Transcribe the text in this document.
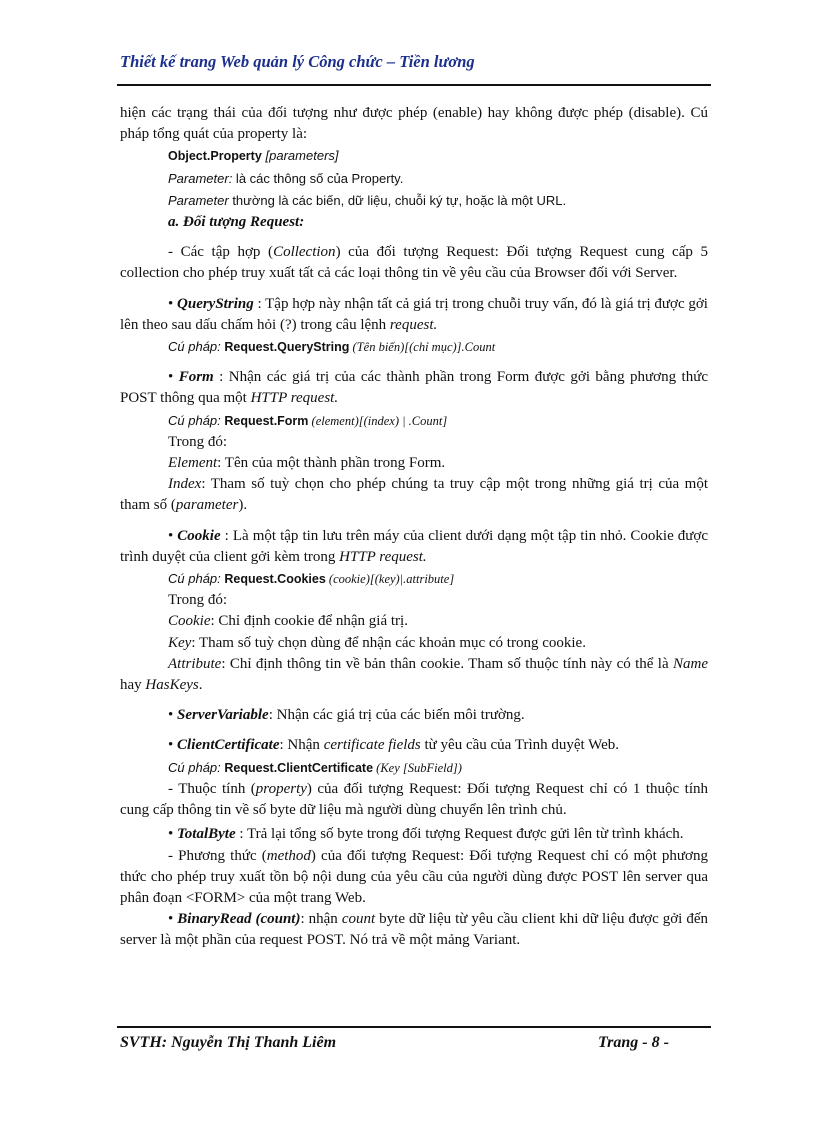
Thiết kế trang Web quản lý Công chức – Tiền lương

hiện các trạng thái của đối tượng như được phép (enable) hay không được phép (disable). Cú pháp tổng quát của property là:

Object.Property [parameters]

Parameter: là các thông số của Property.

Parameter thường là các biến, dữ liệu, chuỗi ký tự, hoặc là một URL.

a. Đối tượng Request:

- Các tập hợp (Collection) của đối tượng Request: Đối tượng Request cung cấp 5 collection cho phép truy xuất tất cả các loại thông tin về yêu cầu của Browser đối với Server.

• QueryString : Tập hợp này nhận tất cả giá trị trong chuỗi truy vấn, đó là giá trị được gởi lên theo sau dấu chấm hỏi (?) trong câu lệnh request.

Cú pháp: Request.QueryString (Tên biến)[(chỉ mục)].Count

• Form : Nhận các giá trị của các thành phần trong Form được gởi bằng phương thức POST thông qua một HTTP request.

Cú pháp: Request.Form (element)[(index) | .Count]

Trong đó:

Element: Tên của một thành phần trong Form.

Index: Tham số tuỳ chọn cho phép chúng ta truy cập một trong những giá trị của một tham số (parameter).

• Cookie : Là một tập tin lưu trên máy của client dưới dạng một tập tin nhỏ. Cookie được trình duyệt của client gởi kèm trong HTTP request.

Cú pháp: Request.Cookies (cookie)[(key)|.attribute]

Trong đó:

Cookie: Chỉ định cookie để nhận giá trị.

Key: Tham số tuỳ chọn dùng để nhận các khoản mục có trong cookie.

Attribute: Chỉ định thông tin về bản thân cookie. Tham số thuộc tính này có thể là Name hay HasKeys.

• ServerVariable: Nhận các giá trị của các biến môi trường.

• ClientCertificate: Nhận certificate fields từ yêu cầu của Trình duyệt Web.

Cú pháp: Request.ClientCertificate (Key [SubField])

- Thuộc tính (property) của đối tượng Request: Đối tượng Request chỉ có 1 thuộc tính cung cấp thông tin về số byte dữ liệu mà người dùng chuyển lên trình chủ.

• TotalByte : Trả lại tổng số byte trong đối tượng Request được gửi lên từ trình khách.

- Phương thức (method) của đối tượng Request: Đối tượng Request chỉ có một phương thức cho phép truy xuất tồn bộ nội dung của yêu cầu của người dùng được POST lên server qua phân đoạn <FORM> của một trang Web.

• BinaryRead (count): nhận count byte dữ liệu từ yêu cầu client khi dữ liệu được gởi đến server là một phần của request POST. Nó trả về một mảng Variant.

SVTH: Nguyễn Thị Thanh Liêm	Trang - 8 -
